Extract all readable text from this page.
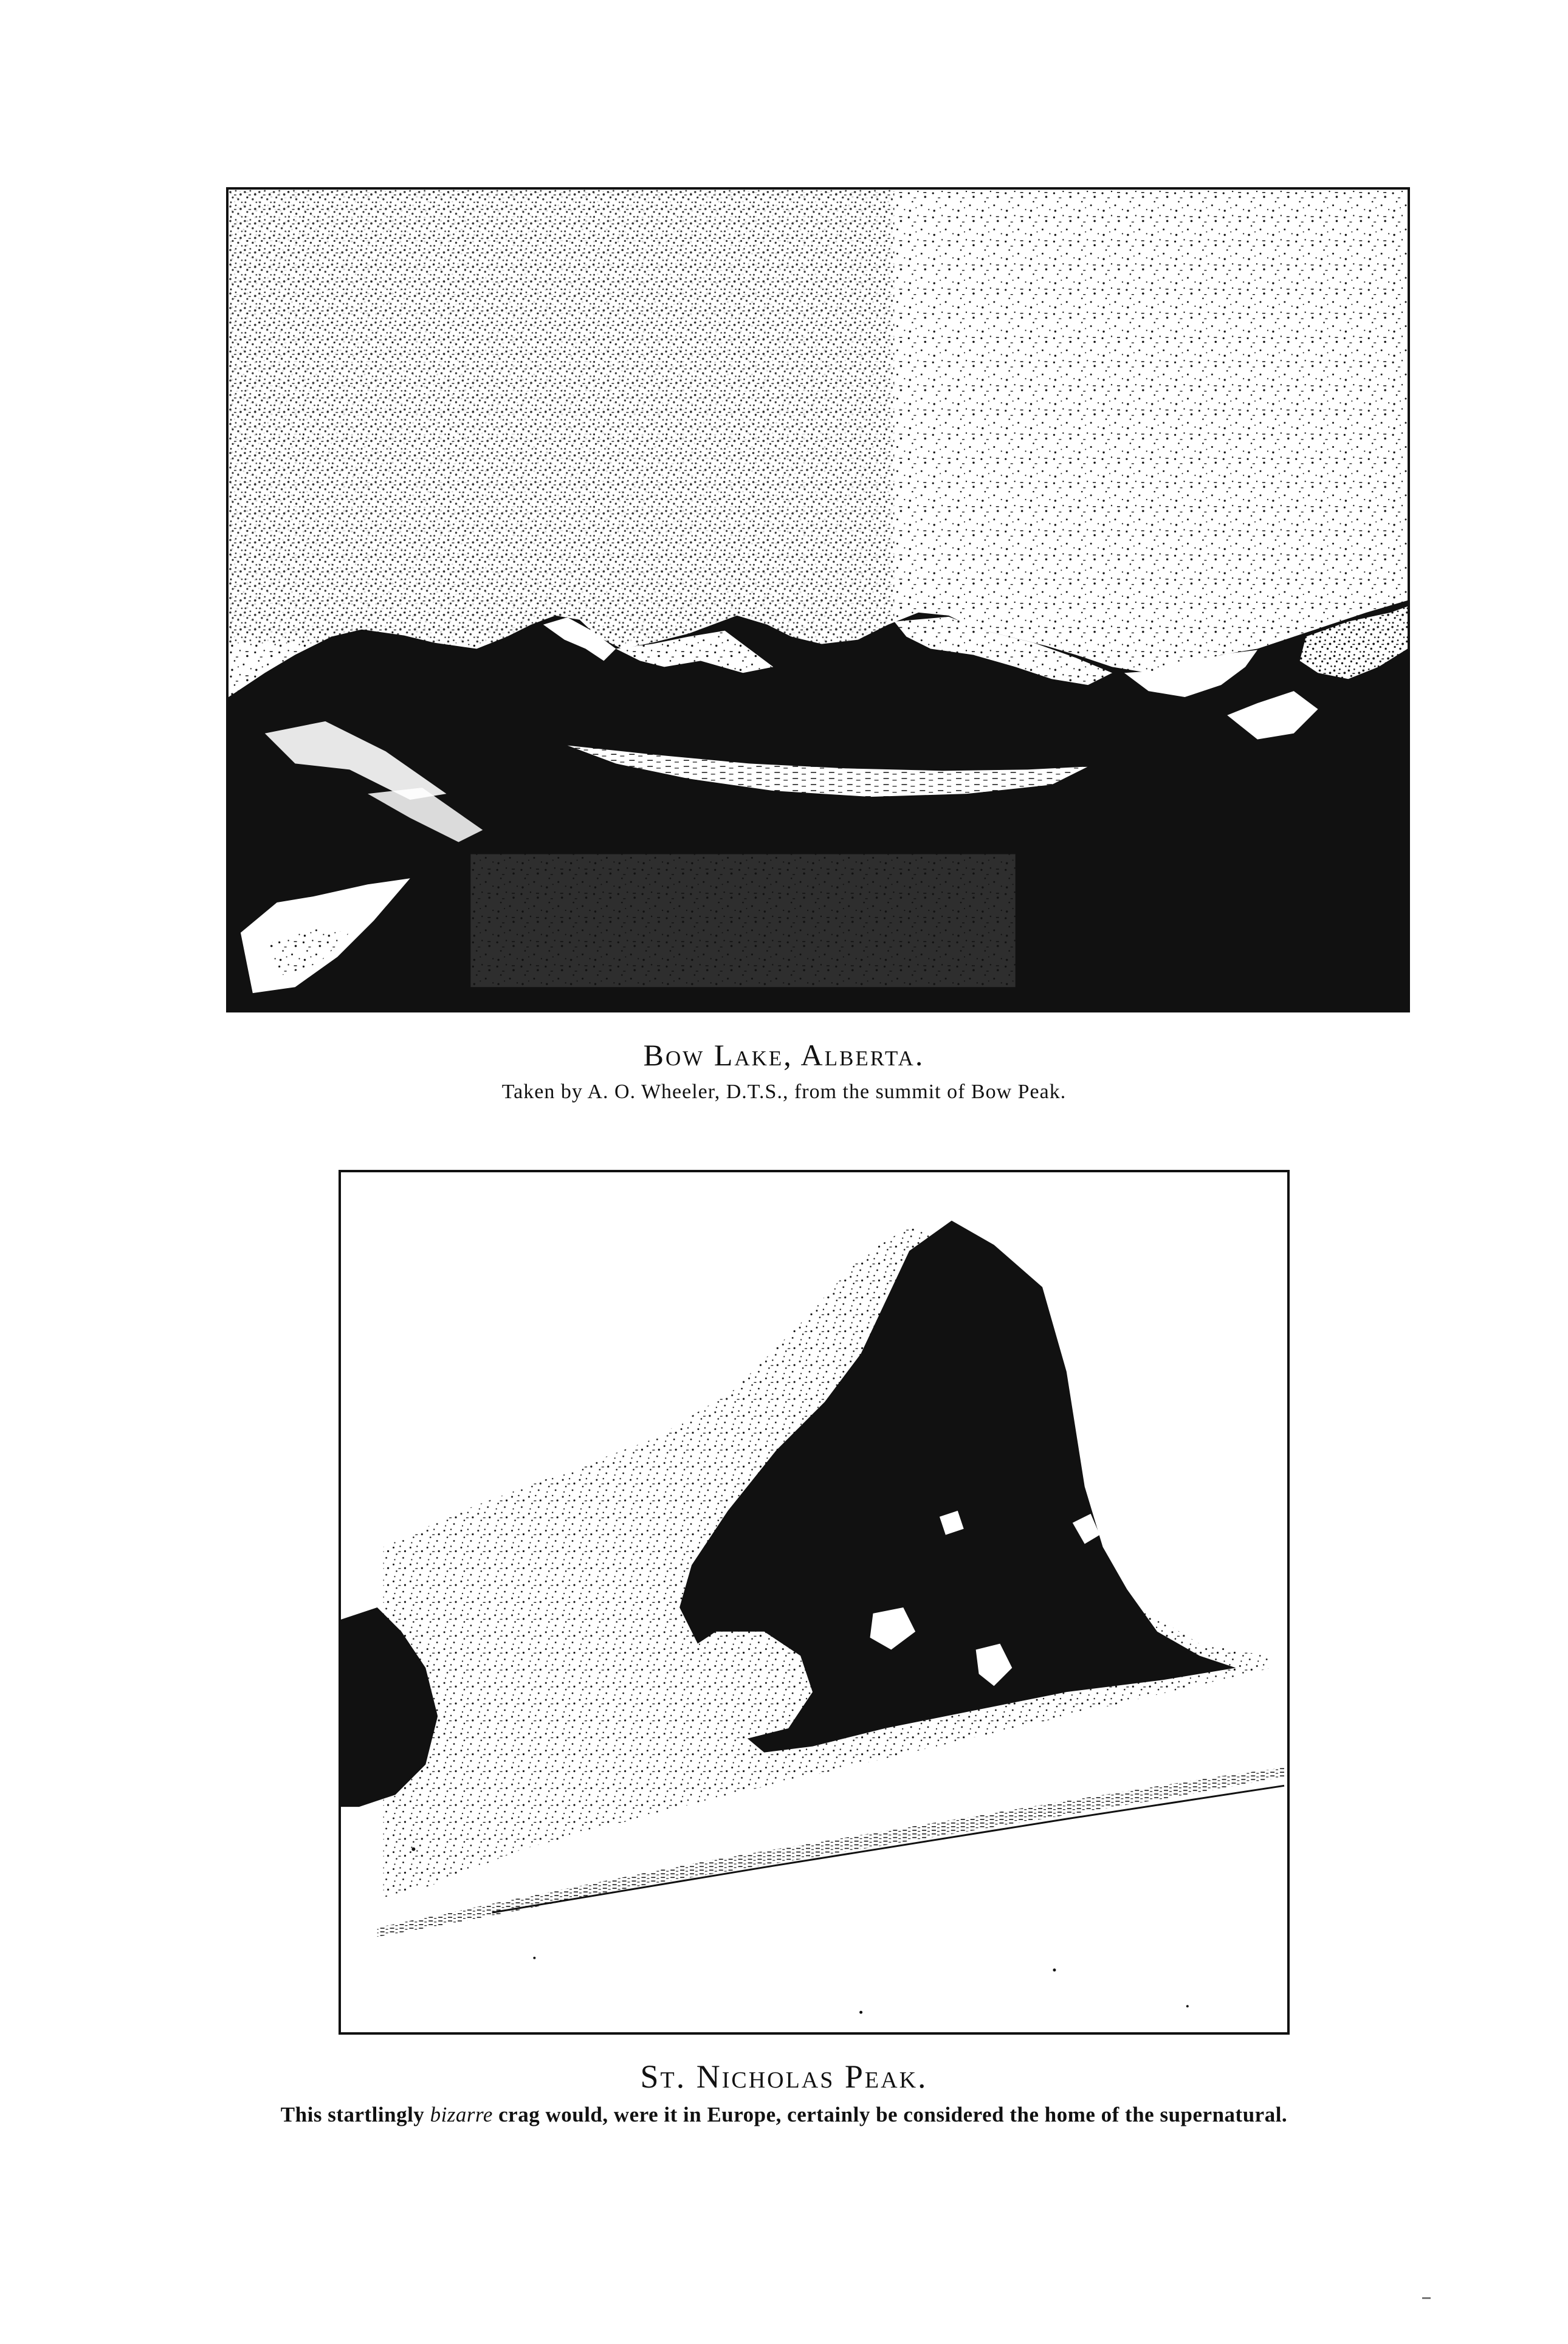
Bow Lake, Alberta.
Taken by A. O. Wheeler, D.T.S., from the summit of Bow Peak.
St. Nicholas Peak.
This startlingly bizarre crag would, were it in Europe, certainly be considered the home of the supernatural.
